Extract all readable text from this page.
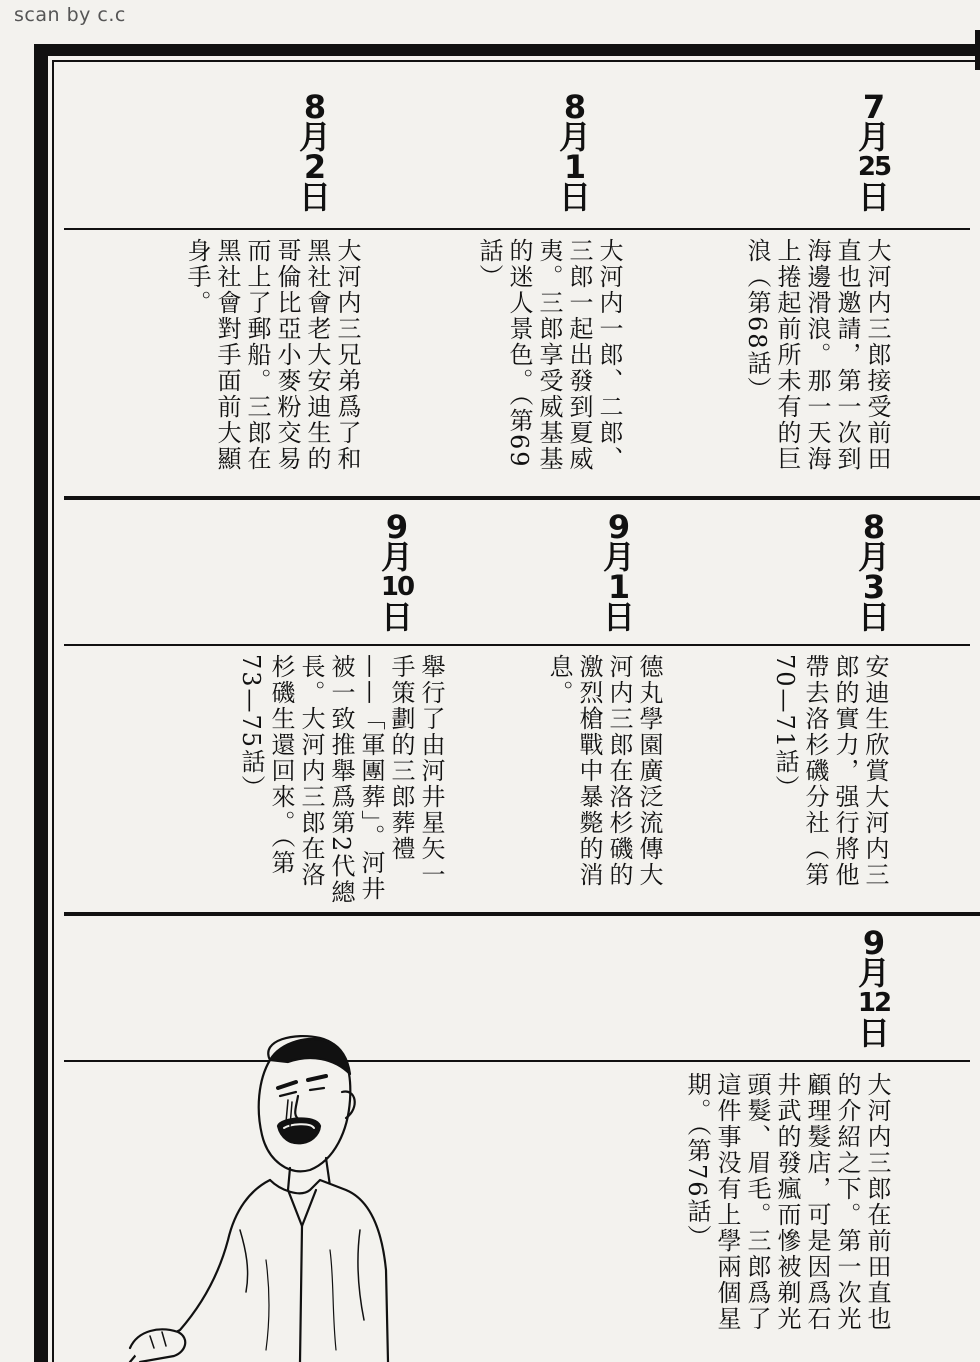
scan by c.c
7
月
25
日
大河内三郎接受前田直也邀請，第一次到海邊滑浪。那一天海上捲起前所未有的巨浪（第68話）
8
月
1
日
大河内一郎、二郎、三郎一起出發到夏威夷。三郎享受威基基的迷人景色。（第69話）
8
月
2
日
大河内三兄弟爲了和黑社會老大安迪生的哥倫比亞小麥粉交易而上了郵船。三郎在黑社會對手面前大顯身手。
8
月
3
日
安迪生欣賞大河内三郎的實力，强行將他帶去洛杉磯分社（第70—71話）
9
月
1
日
德丸學園廣泛流傳大河内三郎在洛杉磯的激烈槍戰中暴斃的消息。
9
月
10
日
舉行了由河井星矢一手策劃的三郎葬禮——「軍團葬」。河井被一致推舉爲第2代總長。大河内三郎在洛杉磯生還回來。（第73—75話）
9
月
12
日
大河内三郎在前田直也的介紹之下。第一次光顧理髮店，可是因爲石井武的發瘋而慘被剃光頭髮、眉毛。三郎爲了這件事没有上學兩個星期。（第76話）
